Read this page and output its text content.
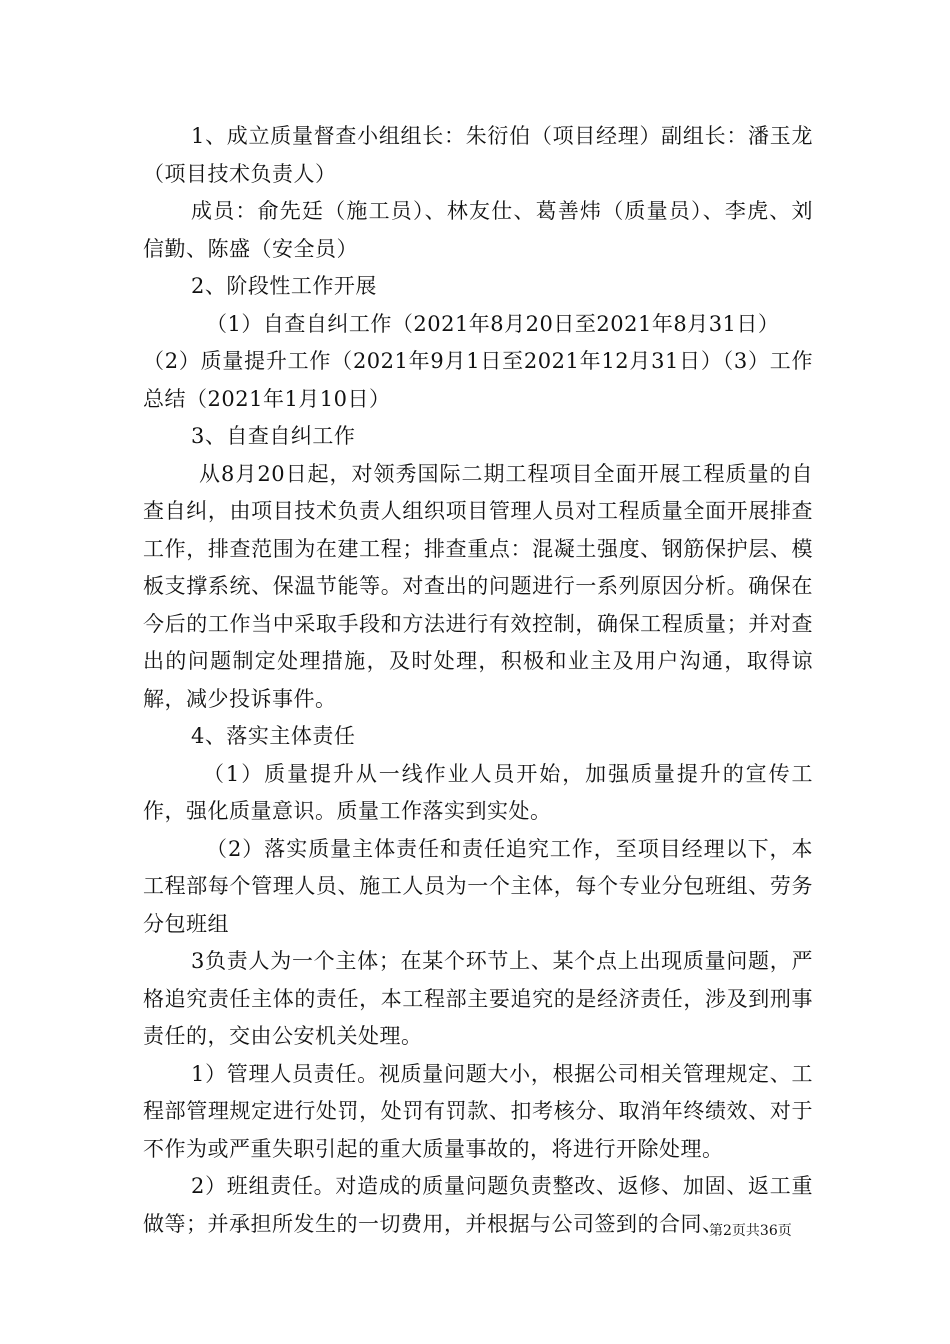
1、成立质量督查小组组长：朱衍伯（项目经理）副组长：潘玉龙（项目技术负责人）

成员：俞先廷（施工员）、林友仕、葛善炜（质量员）、李虎、刘信勤、陈盛（安全员）

2、阶段性工作开展

（1）自查自纠工作（2021年8月20日至2021年8月31日）

（2）质量提升工作（2021年9月1日至2021年12月31日）（3）工作总结（2021年1月10日）

3、自查自纠工作

从8月20日起，对领秀国际二期工程项目全面开展工程质量的自查自纠，由项目技术负责人组织项目管理人员对工程质量全面开展排查工作，排查范围为在建工程；排查重点：混凝土强度、钢筋保护层、模板支撑系统、保温节能等。对查出的问题进行一系列原因分析。确保在今后的工作当中采取手段和方法进行有效控制，确保工程质量；并对查出的问题制定处理措施，及时处理，积极和业主及用户沟通，取得谅解，减少投诉事件。

4、落实主体责任

（1）质量提升从一线作业人员开始，加强质量提升的宣传工作，强化质量意识。质量工作落实到实处。

（2）落实质量主体责任和责任追究工作，至项目经理以下，本工程部每个管理人员、施工人员为一个主体，每个专业分包班组、劳务分包班组

3负责人为一个主体；在某个环节上、某个点上出现质量问题，严格追究责任主体的责任，本工程部主要追究的是经济责任，涉及到刑事责任的，交由公安机关处理。

1）管理人员责任。视质量问题大小，根据公司相关管理规定、工程部管理规定进行处罚，处罚有罚款、扣考核分、取消年终绩效、对于不作为或严重失职引起的重大质量事故的，将进行开除处理。

2）班组责任。对造成的质量问题负责整改、返修、加固、返工重做等；并承担所发生的一切费用，并根据与公司签到的合同、

第2页共36页
